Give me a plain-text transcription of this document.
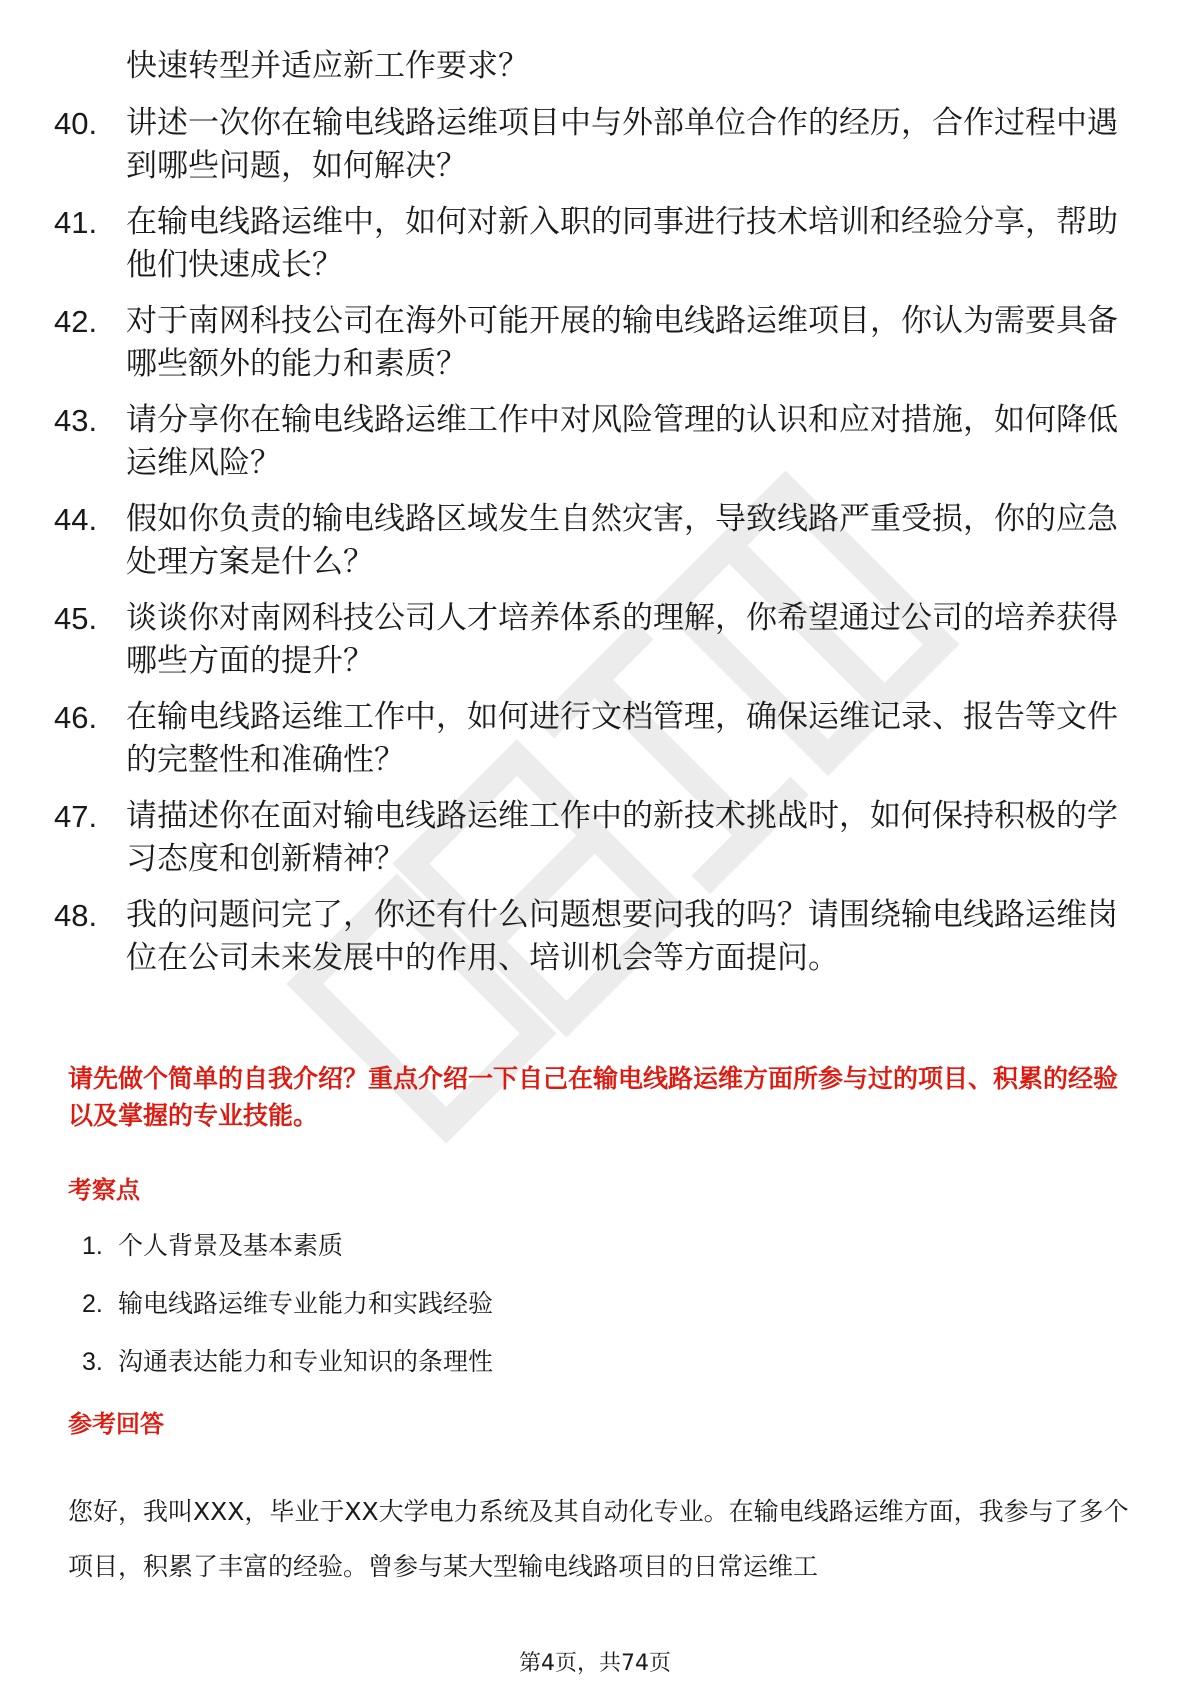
快速转型并适应新工作要求？
40. 讲述一次你在输电线路运维项目中与外部单位合作的经历，合作过程中遇到哪些问题，如何解决？
41. 在输电线路运维中，如何对新入职的同事进行技术培训和经验分享，帮助他们快速成长？
42. 对于南网科技公司在海外可能开展的输电线路运维项目，你认为需要具备哪些额外的能力和素质？
43. 请分享你在输电线路运维工作中对风险管理的认识和应对措施，如何降低运维风险？
44. 假如你负责的输电线路区域发生自然灾害，导致线路严重受损，你的应急处理方案是什么？
45. 谈谈你对南网科技公司人才培养体系的理解，你希望通过公司的培养获得哪些方面的提升？
46. 在输电线路运维工作中，如何进行文档管理，确保运维记录、报告等文件的完整性和准确性？
47. 请描述你在面对输电线路运维工作中的新技术挑战时，如何保持积极的学习态度和创新精神？
48. 我的问题问完了，你还有什么问题想要问我的吗？请围绕输电线路运维岗位在公司未来发展中的作用、培训机会等方面提问。
请先做个简单的自我介绍？重点介绍一下自己在输电线路运维方面所参与过的项目、积累的经验以及掌握的专业技能。
考察点
1. 个人背景及基本素质
2. 输电线路运维专业能力和实践经验
3. 沟通表达能力和专业知识的条理性
参考回答
您好，我叫XXX，毕业于XX大学电力系统及其自动化专业。在输电线路运维方面，我参与了多个项目，积累了丰富的经验。曾参与某大型输电线路项目的日常运维工
第4页，共74页
